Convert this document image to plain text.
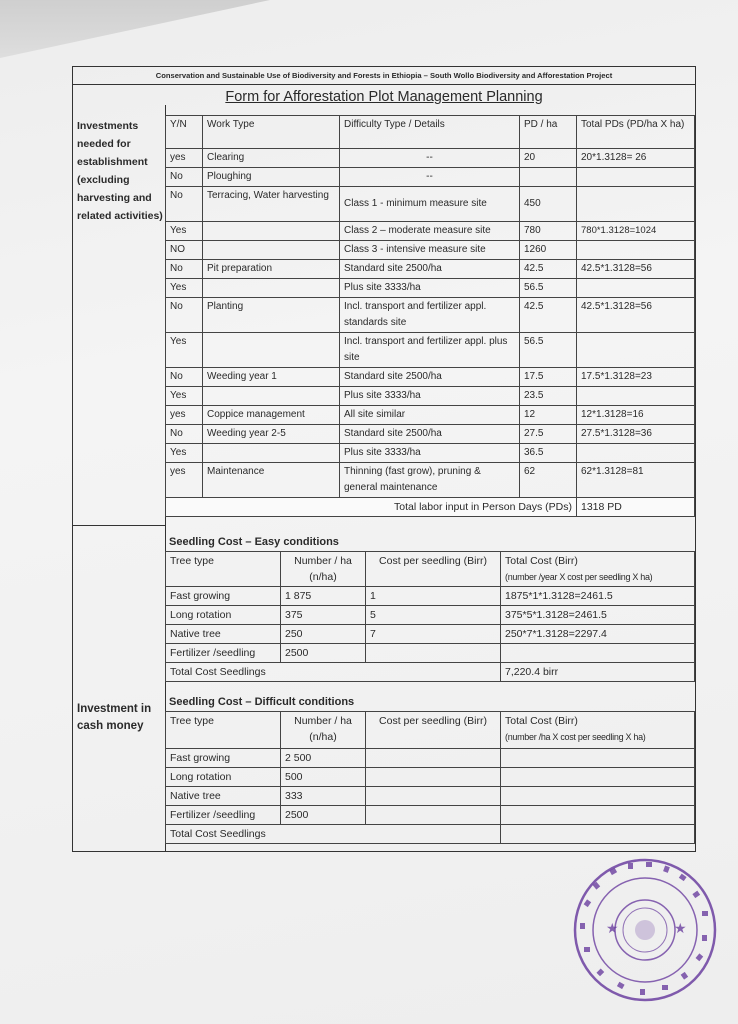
Conservation and Sustainable Use of Biodiversity and Forests in Ethiopia – South Wollo Biodiversity and Afforestation Project
Form for Afforestation Plot Management Planning
Investments needed for establishment (excluding harvesting and related activities)
Investment in cash money
Y/N	Work Type	Difficulty Type / Details	PD / ha	Total PDs (PD/ha X ha)
yes	Clearing	--	20	20*1.3128= 26
No	Ploughing	--		
No	Terracing, Water harvesting	Class 1 - minimum measure site	450	
Yes		Class 2 – moderate measure site	780	780*1.3128=1024
NO		Class 3 - intensive measure site	1260	
No	Pit preparation	Standard site 2500/ha	42.5	42.5*1.3128=56
Yes		Plus site 3333/ha	56.5	
No	Planting	Incl. transport and fertilizer appl. standards site	42.5	42.5*1.3128=56
Yes		Incl. transport and fertilizer appl. plus site	56.5	
No	Weeding year 1	Standard site 2500/ha	17.5	17.5*1.3128=23
Yes		Plus site 3333/ha	23.5	
yes	Coppice management	All site similar	12	12*1.3128=16
No	Weeding year 2-5	Standard site 2500/ha	27.5	27.5*1.3128=36
Yes		Plus site 3333/ha	36.5	
yes	Maintenance	Thinning (fast grow), pruning & general maintenance	62	62*1.3128=81
Total labor input in Person Days (PDs)				1318 PD
Seedling Cost – Easy conditions
Tree type	Number / ha (n/ha)	Cost per seedling (Birr)	Total Cost (Birr)
(number /year X cost per seedling X ha)

Fast growing	1 875	1	1875*1*1.3128=2461.5
Long rotation	375	5	375*5*1.3128=2461.5
Native tree	250	7	250*7*1.3128=2297.4
Fertilizer /seedling	2500		
Total Cost Seedlings			7,220.4 birr
Seedling Cost – Difficult conditions
Tree type	Number / ha (n/ha)	Cost per seedling (Birr)	Total Cost (Birr)
(number /ha X cost per seedling X ha)

Fast growing	2 500		
Long rotation	500		
Native tree	333		
Fertilizer /seedling	2500		
Total Cost Seedlings			
★	★
